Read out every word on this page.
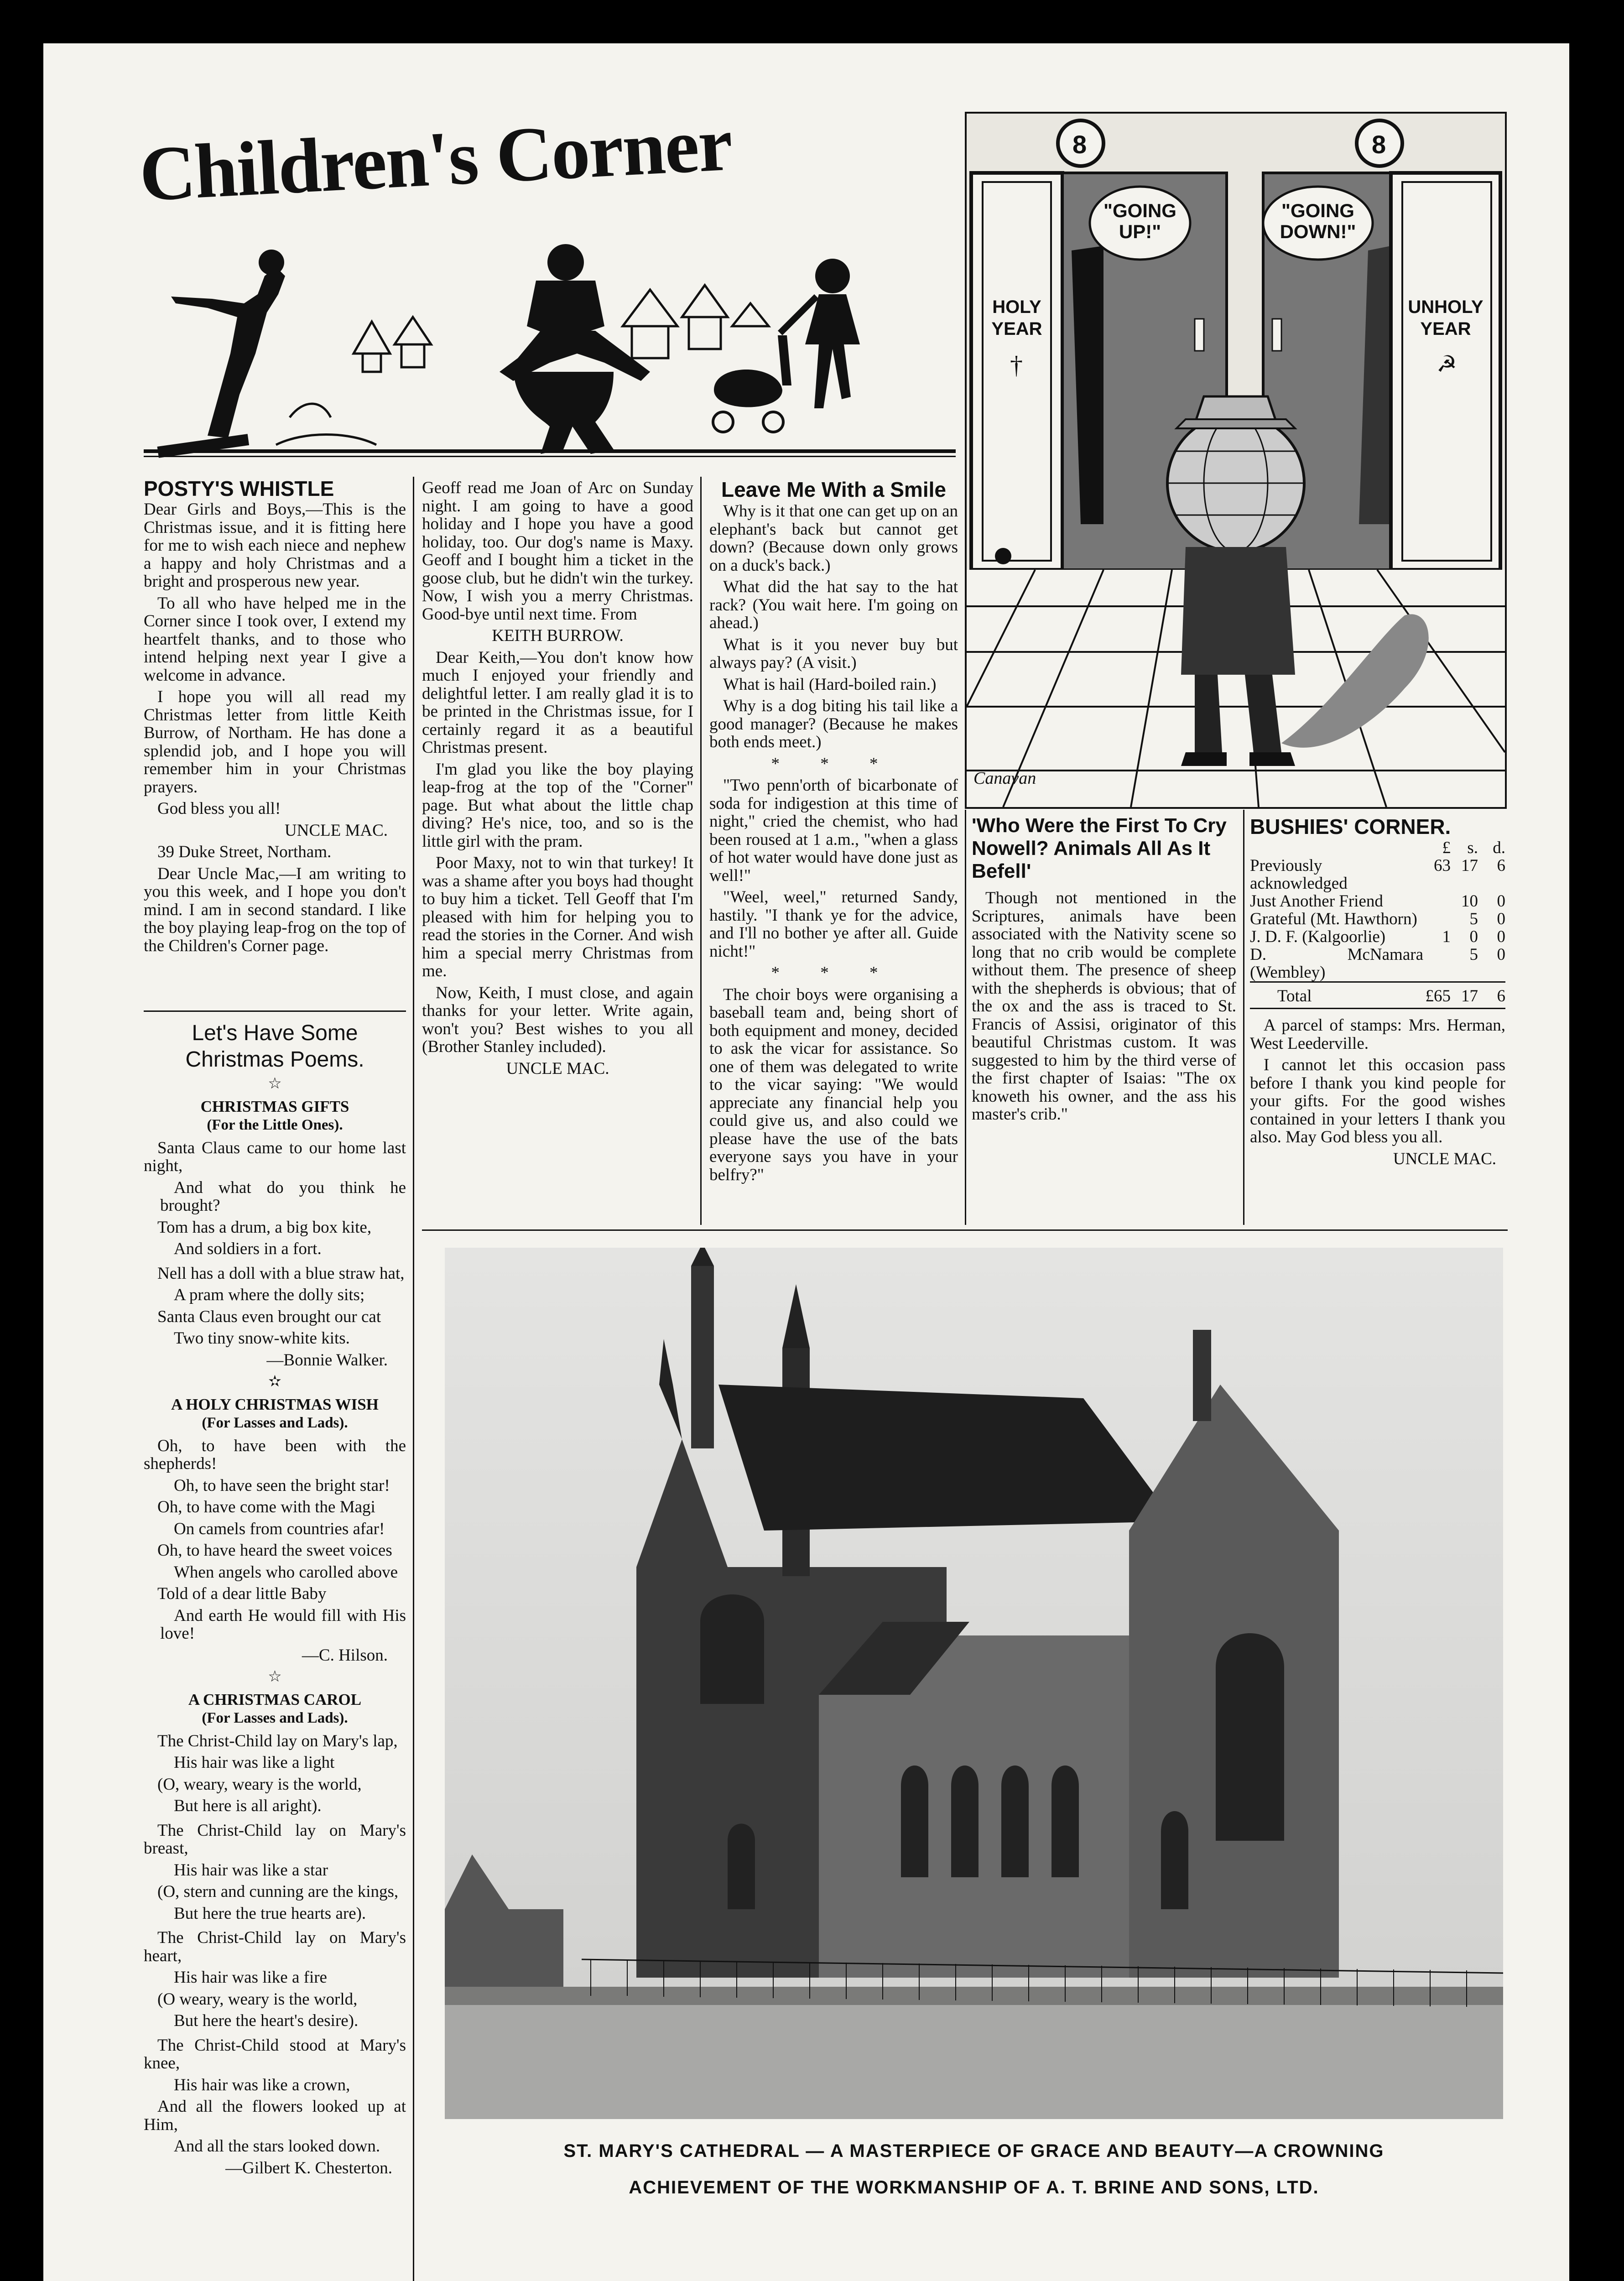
Children's Corner	8	8
"GOING UP!"
"GOING DOWN!"
HOLY YEAR
†
UNHOLY YEAR
☭
Canavan
POSTY'S WHISTLE

Dear Girls and Boys,—This is the Christmas issue, and it is fitting here for me to wish each niece and nephew a happy and holy Christmas and a bright and prosperous new year.

To all who have helped me in the Corner since I took over, I extend my heartfelt thanks, and to those who intend helping next year I give a welcome in advance.

I hope you will all read my Christmas letter from little Keith Burrow, of Northam. He has done a splendid job, and I hope you will remember him in your Christmas prayers.

God bless you all!

UNCLE MAC.

39 Duke Street, Northam.

Dear Uncle Mac,—I am writing to you this week, and I hope you don't mind. I am in second standard. I like the boy playing leap-frog on the top of the Children's Corner page.

Geoff read me Joan of Arc on Sunday night. I am going to have a good holiday and I hope you have a good holiday, too. Our dog's name is Maxy. Geoff and I bought him a ticket in the goose club, but he didn't win the turkey. Now, I wish you a merry Christmas. Good-bye until next time. From

KEITH BURROW.

Dear Keith,—You don't know how much I enjoyed your friendly and delightful letter. I am really glad it is to be printed in the Christmas issue, for I certainly regard it as a beautiful Christmas present.

I'm glad you like the boy playing leap-frog at the top of the "Corner" page. But what about the little chap diving? He's nice, too, and so is the little girl with the pram.

Poor Maxy, not to win that turkey! It was a shame after you boys had thought to buy him a ticket. Tell Geoff that I'm pleased with him for helping you to read the stories in the Corner. And wish him a special merry Christmas from me.

Now, Keith, I must close, and again thanks for your letter. Write again, won't you? Best wishes to you all (Brother Stanley included).

UNCLE MAC.

Leave Me With a Smile

Why is it that one can get up on an elephant's back but cannot get down? (Because down only grows on a duck's back.)

What did the hat say to the hat rack? (You wait here. I'm going on ahead.)

What is it you never buy but always pay? (A visit.)

What is hail (Hard-boiled rain.)

Why is a dog biting his tail like a good manager? (Because he makes both ends meet.)

* * *

"Two penn'orth of bicarbonate of soda for indigestion at this time of night," cried the chemist, who had been roused at 1 a.m., "when a glass of hot water would have done just as well!"

"Weel, weel," returned Sandy, hastily. "I thank ye for the advice, and I'll no bother ye after all. Guide nicht!"

* * *

The choir boys were organising a baseball team and, being short of both equipment and money, decided to ask the vicar for assistance. So one of them was delegated to write to the vicar saying: "We would appreciate any financial help you could give us, and also could we please have the use of the bats everyone says you have in your belfry?"

'Who Were the First To Cry Nowell? Animals All As It Befell'

Though not mentioned in the Scriptures, animals have been associated with the Nativity scene so long that no crib would be complete without them. The presence of sheep with the shepherds is obvious; that of the ox and the ass is traced to St. Francis of Assisi, originator of this beautiful Christmas custom. It was suggested to him by the third verse of the first chapter of Isaias: "The ox knoweth his owner, and the ass his master's crib."

BUSHIES' CORNER.
	£	s.	d.
Previously acknowledged	63	17	6
Just Another Friend		10	0
Grateful (Mt. Hawthorn)		5	0
J. D. F. (Kalgoorlie)	1	0	0
D. McNamara (Wembley)		5	0
Total	£65	17	6

A parcel of stamps: Mrs. Herman, West Leederville.

I cannot let this occasion pass before I thank you kind people for your gifts. For the good wishes contained in your letters I thank you also. May God bless you all.

UNCLE MAC.

Let's Have Some
Christmas Poems.
☆
CHRISTMAS GIFTS
(For the Little Ones).

Santa Claus came to our home last night,

And what do you think he brought?

Tom has a drum, a big box kite,

And soldiers in a fort.

Nell has a doll with a blue straw hat,

A pram where the dolly sits;

Santa Claus even brought our cat

Two tiny snow-white kits.

—Bonnie Walker.

✫
A HOLY CHRISTMAS WISH
(For Lasses and Lads).

Oh, to have been with the shepherds!

Oh, to have seen the bright star!

Oh, to have come with the Magi

On camels from countries afar!

Oh, to have heard the sweet voices

When angels who carolled above

Told of a dear little Baby

And earth He would fill with His love!

—C. Hilson.

☆
A CHRISTMAS CAROL
(For Lasses and Lads).

The Christ-Child lay on Mary's lap,

His hair was like a light

(O, weary, weary is the world,

But here is all aright).

The Christ-Child lay on Mary's breast,

His hair was like a star

(O, stern and cunning are the kings,

But here the true hearts are).

The Christ-Child lay on Mary's heart,

His hair was like a fire

(O weary, weary is the world,

But here the heart's desire).

The Christ-Child stood at Mary's knee,

His hair was like a crown,

And all the flowers looked up at Him,

And all the stars looked down.

—Gilbert K. Chesterton.

ST. MARY'S CATHEDRAL — A MASTERPIECE OF GRACE AND BEAUTY—A CROWNING
ACHIEVEMENT OF THE WORKMANSHIP OF A. T. BRINE AND SONS, LTD.
